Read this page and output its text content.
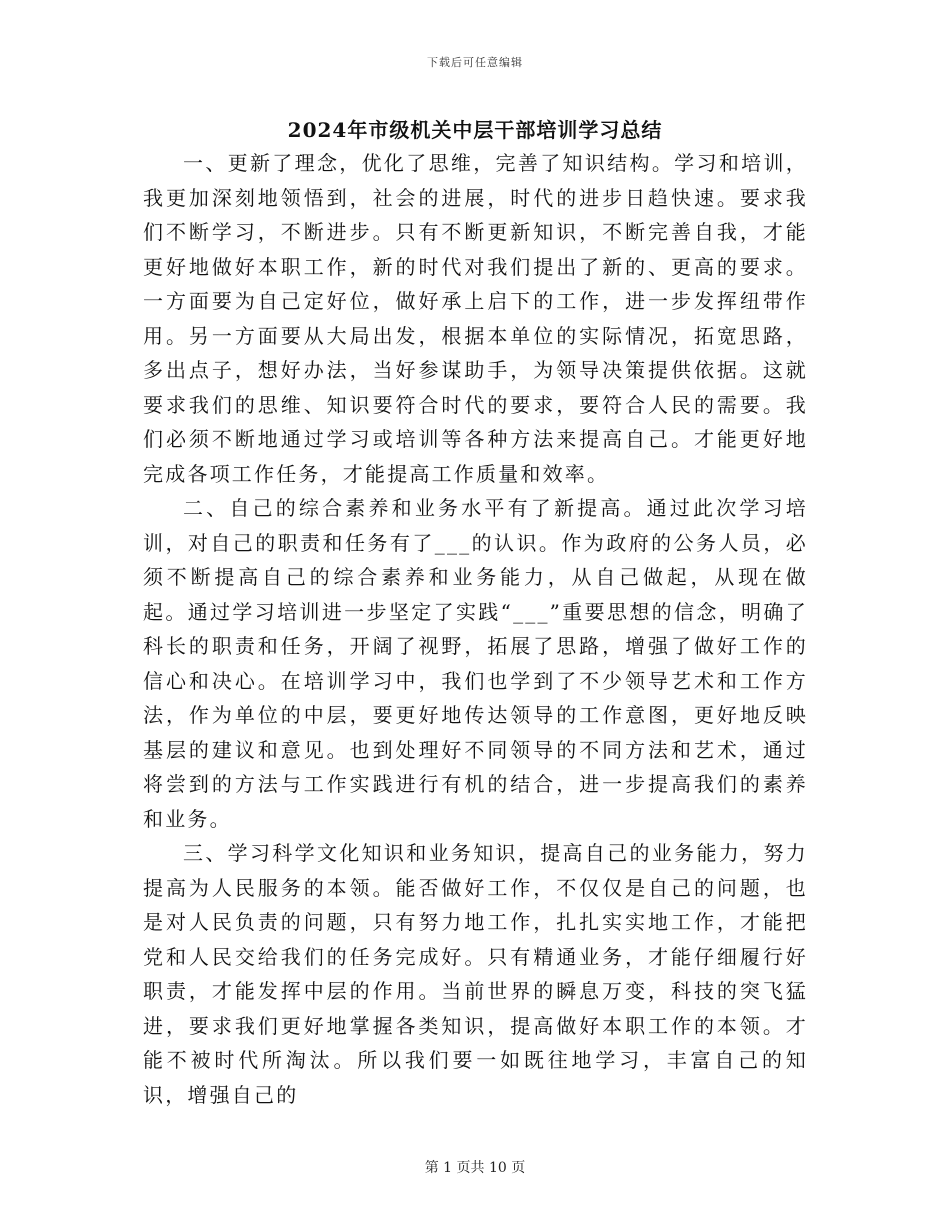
下载后可任意编辑
2024年市级机关中层干部培训学习总结

一、更新了理念，优化了思维，完善了知识结构。学习和培训，我更加深刻地领悟到，社会的进展，时代的进步日趋快速。要求我们不断学习，不断进步。只有不断更新知识，不断完善自我，才能更好地做好本职工作，新的时代对我们提出了新的、更高的要求。一方面要为自己定好位，做好承上启下的工作，进一步发挥纽带作用。另一方面要从大局出发，根据本单位的实际情况，拓宽思路，多出点子，想好办法，当好参谋助手，为领导决策提供依据。这就要求我们的思维、知识要符合时代的要求，要符合人民的需要。我们必须不断地通过学习或培训等各种方法来提高自己。才能更好地完成各项工作任务，才能提高工作质量和效率。

二、自己的综合素养和业务水平有了新提高。通过此次学习培训，对自己的职责和任务有了___的认识。作为政府的公务人员，必须不断提高自己的综合素养和业务能力，从自己做起，从现在做起。通过学习培训进一步坚定了实践“___”重要思想的信念，明确了科长的职责和任务，开阔了视野，拓展了思路，增强了做好工作的信心和决心。在培训学习中，我们也学到了不少领导艺术和工作方法，作为单位的中层，要更好地传达领导的工作意图，更好地反映基层的建议和意见。也到处理好不同领导的不同方法和艺术，通过将尝到的方法与工作实践进行有机的结合，进一步提高我们的素养和业务。

三、学习科学文化知识和业务知识，提高自己的业务能力，努力提高为人民服务的本领。能否做好工作，不仅仅是自己的问题，也是对人民负责的问题，只有努力地工作，扎扎实实地工作，才能把党和人民交给我们的任务完成好。只有精通业务，才能仔细履行好职责，才能发挥中层的作用。当前世界的瞬息万变，科技的突飞猛进，要求我们更好地掌握各类知识，提高做好本职工作的本领。才能不被时代所淘汰。所以我们要一如既往地学习，丰富自己的知识，增强自己的

第 1 页共 10 页
